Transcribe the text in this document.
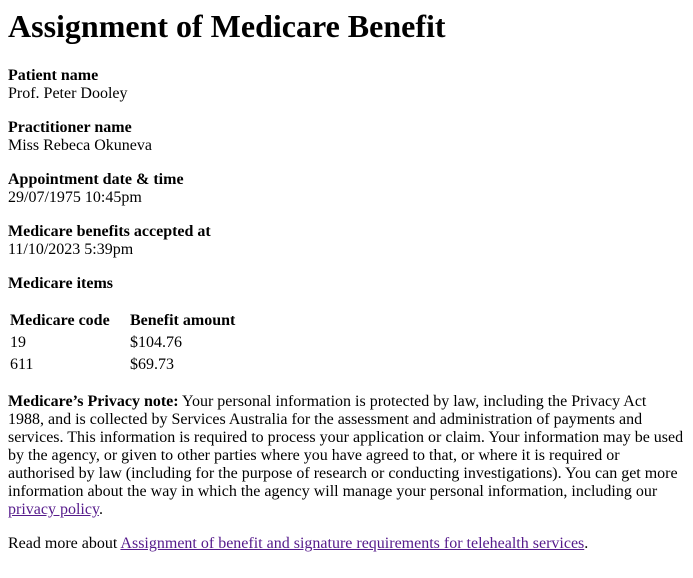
Assignment of Medicare Benefit

Patient name
Prof. Peter Dooley

Practitioner name
Miss Rebeca Okuneva

Appointment date & time
29/07/1975 10:45pm

Medicare benefits accepted at
11/10/2023 5:39pm

Medicare items

Medicare code	Benefit amount
19	$104.76
611	$69.73

Medicare’s Privacy note: Your personal information is protected by law, including the Privacy Act 1988, and is collected by Services Australia for the assessment and administration of payments and services. This information is required to process your application or claim. Your information may be used by the agency, or given to other parties where you have agreed to that, or where it is required or authorised by law (including for the purpose of research or conducting investigations). You can get more information about the way in which the agency will manage your personal information, including our privacy policy.

Read more about Assignment of benefit and signature requirements for telehealth services.
